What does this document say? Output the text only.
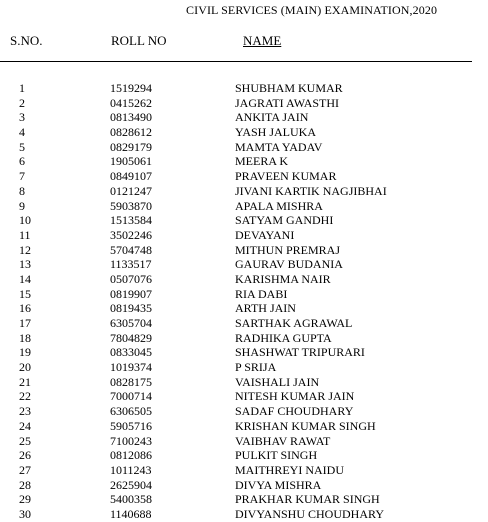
CIVIL SERVICES (MAIN) EXAMINATION,2020
S.NO.	ROLL NO	NAME
1	1519294	SHUBHAM KUMAR
2	0415262	JAGRATI AWASTHI
3	0813490	ANKITA JAIN
4	0828612	YASH JALUKA
5	0829179	MAMTA YADAV
6	1905061	MEERA K
7	0849107	PRAVEEN KUMAR
8	0121247	JIVANI KARTIK NAGJIBHAI
9	5903870	APALA MISHRA
10	1513584	SATYAM GANDHI
11	3502246	DEVAYANI
12	5704748	MITHUN PREMRAJ
13	1133517	GAURAV BUDANIA
14	0507076	KARISHMA NAIR
15	0819907	RIA DABI
16	0819435	ARTH JAIN
17	6305704	SARTHAK AGRAWAL
18	7804829	RADHIKA GUPTA
19	0833045	SHASHWAT TRIPURARI
20	1019374	P SRIJA
21	0828175	VAISHALI JAIN
22	7000714	NITESH KUMAR JAIN
23	6306505	SADAF CHOUDHARY
24	5905716	KRISHAN KUMAR SINGH
25	7100243	VAIBHAV RAWAT
26	0812086	PULKIT SINGH
27	1011243	MAITHREYI NAIDU
28	2625904	DIVYA MISHRA
29	5400358	PRAKHAR KUMAR SINGH
30	1140688	DIVYANSHU CHOUDHARY
